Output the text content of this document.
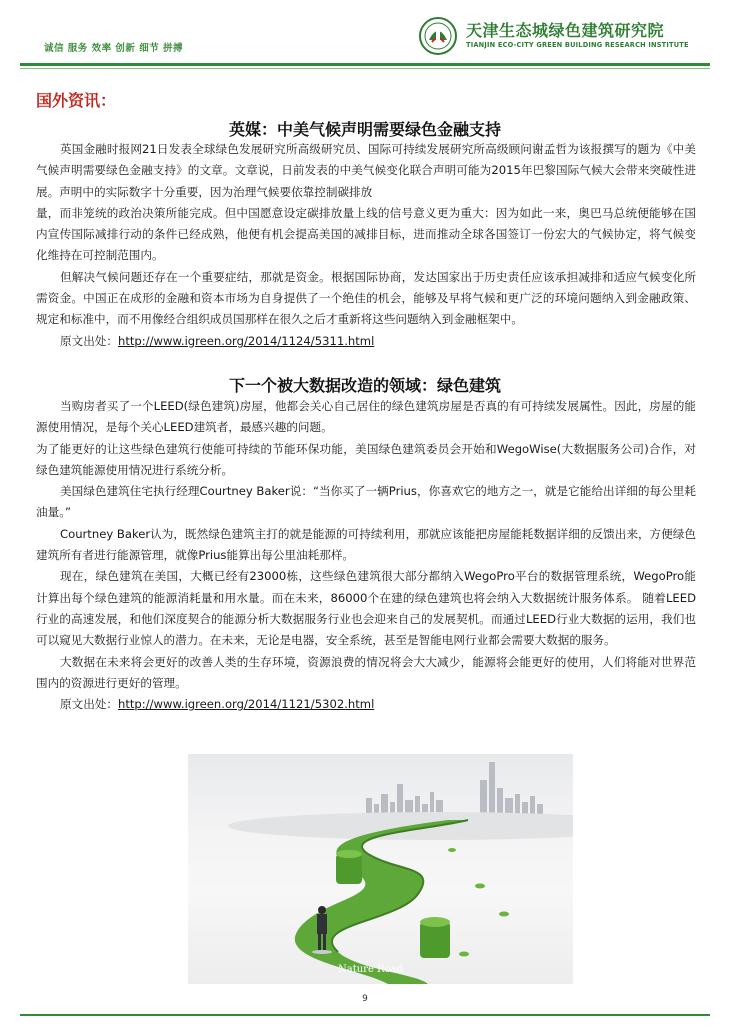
诚信 服务 效率 创新 细节 拼搏
天津生态城绿色建筑研究院
TIANJIN ECO-CITY GREEN BUILDING RESEARCH INSTITUTE
国外资讯：
英媒：中美气候声明需要绿色金融支持

英国金融时报网21日发表全球绿色发展研究所高级研究员、国际可持续发展研究所高级顾问谢孟哲为该报撰写的题为《中美气候声明需要绿色金融支持》的文章。文章说，日前发表的中美气候变化联合声明可能为2015年巴黎国际气候大会带来突破性进展。声明中的实际数字十分重要，因为治理气候要依靠控制碳排放

量，而非笼统的政治决策所能完成。但中国愿意设定碳排放量上线的信号意义更为重大：因为如此一来，奥巴马总统便能够在国内宣传国际减排行动的条件已经成熟，他便有机会提高美国的减排目标，进而推动全球各国签订一份宏大的气候协定，将气候变化维持在可控制范围内。

但解决气候问题还存在一个重要症结，那就是资金。根据国际协商，发达国家出于历史责任应该承担减排和适应气候变化所需资金。中国正在成形的金融和资本市场为自身提供了一个绝佳的机会，能够及早将气候和更广泛的环境问题纳入到金融政策、规定和标准中，而不用像经合组织成员国那样在很久之后才重新将这些问题纳入到金融框架中。

原文出处：http://www.igreen.org/2014/1124/5311.html

下一个被大数据改造的领域：绿色建筑

当购房者买了一个LEED(绿色建筑)房屋，他都会关心自己居住的绿色建筑房屋是否真的有可持续发展属性。因此，房屋的能源使用情况，是每个关心LEED建筑者，最感兴趣的问题。

为了能更好的让这些绿色建筑行使能可持续的节能环保功能，美国绿色建筑委员会开始和WegoWise(大数据服务公司)合作，对绿色建筑能源使用情况进行系统分析。

美国绿色建筑住宅执行经理Courtney Baker说：“当你买了一辆Prius，你喜欢它的地方之一，就是它能给出详细的每公里耗油量。”

Courtney Baker认为，既然绿色建筑主打的就是能源的可持续利用，那就应该能把房屋能耗数据详细的反馈出来，方便绿色建筑所有者进行能源管理，就像Prius能算出每公里油耗那样。

现在，绿色建筑在美国，大概已经有23000栋，这些绿色建筑很大部分都纳入WegoPro平台的数据管理系统，WegoPro能计算出每个绿色建筑的能源消耗量和用水量。而在未来，86000个在建的绿色建筑也将会纳入大数据统计服务体系。 随着LEED行业的高速发展，和他们深度契合的能源分析大数据服务行业也会迎来自己的发展契机。而通过LEED行业大数据的运用，我们也可以窥见大数据行业惊人的潜力。在未来，无论是电器，安全系统，甚至是智能电网行业都会需要大数据的服务。

大数据在未来将会更好的改善人类的生存环境，资源浪费的情况将会大大减少，能源将会能更好的使用，人们将能对世界范围内的资源进行更好的管理。

原文出处：http://www.igreen.org/2014/1121/5302.html

Nature Road
9
